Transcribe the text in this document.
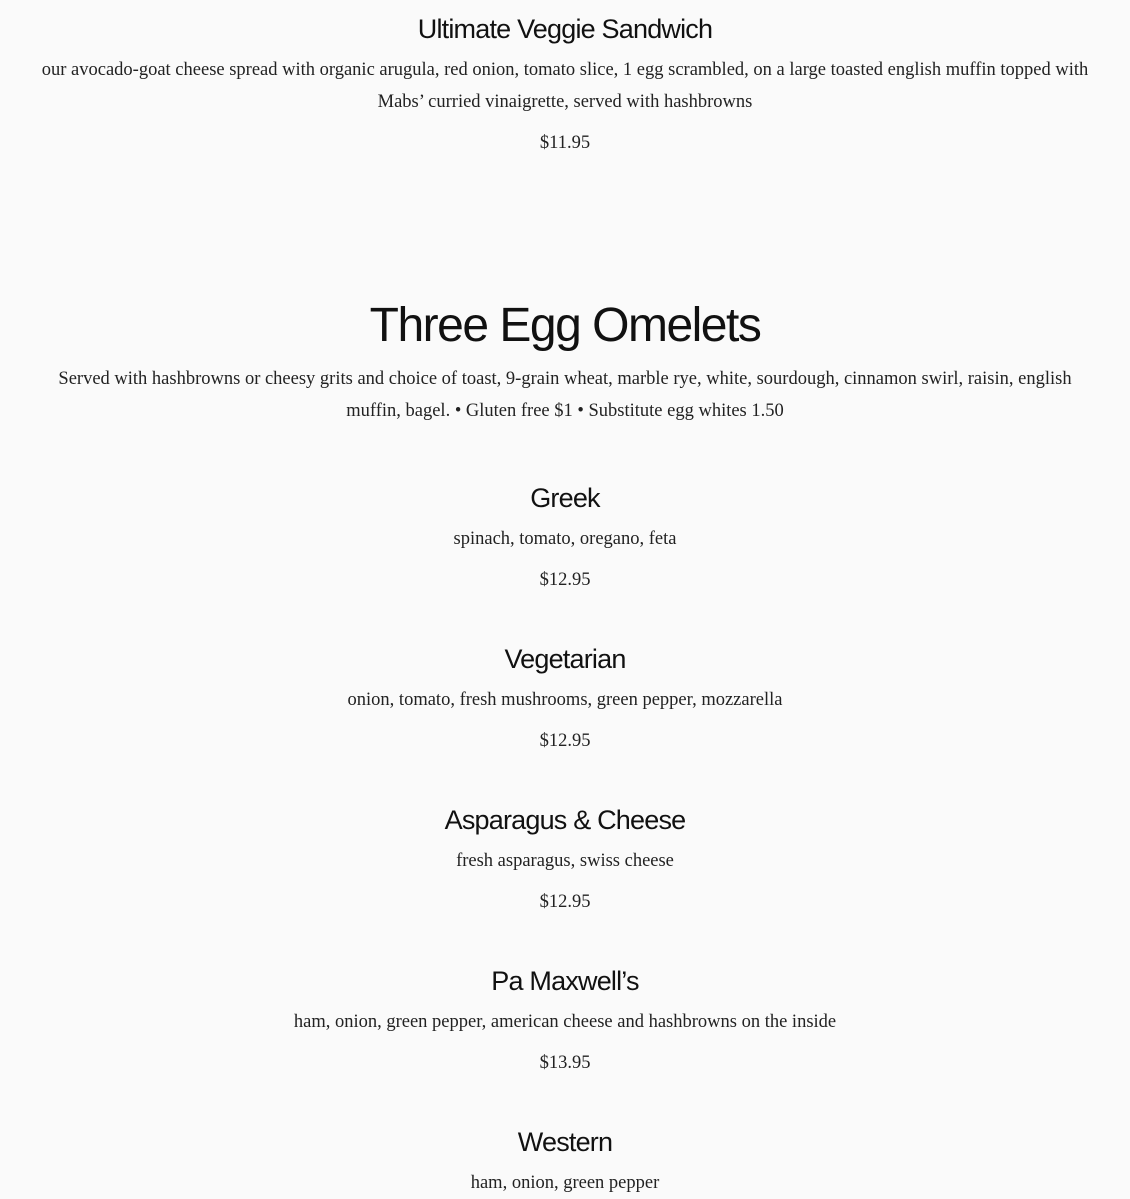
Ultimate Veggie Sandwich

our avocado-goat cheese spread with organic arugula, red onion, tomato slice, 1 egg scrambled, on a large toasted english muffin topped with Mabs’ curried vinaigrette, served with hashbrowns

$11.95

Three Egg Omelets

Served with hashbrowns or cheesy grits and choice of toast, 9-grain wheat, marble rye, white, sourdough, cinnamon swirl, raisin, english muffin, bagel. • Gluten free $1 • Substitute egg whites 1.50

Greek

spinach, tomato, oregano, feta

$12.95

Vegetarian

onion, tomato, fresh mushrooms, green pepper, mozzarella

$12.95

Asparagus & Cheese

fresh asparagus, swiss cheese

$12.95

Pa Maxwell’s

ham, onion, green pepper, american cheese and hashbrowns on the inside

$13.95

Western

ham, onion, green pepper
